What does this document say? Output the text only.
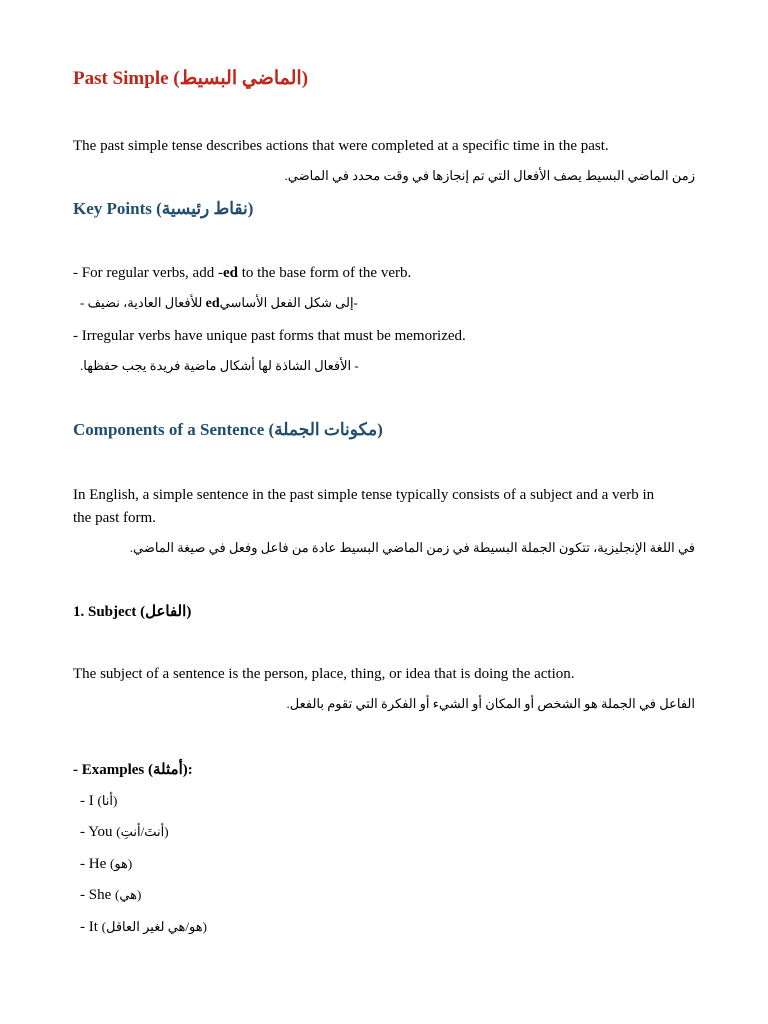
Past Simple (الماضي البسيط)
The past simple tense describes actions that were completed at a specific time in the past.
زمن الماضي البسيط يصف الأفعال التي تم إنجازها في وقت محدد في الماضي.
Key Points (نقاط رئيسية)
- For regular verbs, add -ed to the base form of the verb.
- للأفعال العادية، نضيف ed-إلى شكل الفعل الأساسي
- Irregular verbs have unique past forms that must be memorized.
- الأفعال الشاذة لها أشكال ماضية فريدة يجب حفظها.
Components of a Sentence (مكونات الجملة)
In English, a simple sentence in the past simple tense typically consists of a subject and a verb in
the past form.
في اللغة الإنجليزية، تتكون الجملة البسيطة في زمن الماضي البسيط عادة من فاعل وفعل في صيغة الماضي.
1. Subject (الفاعل)
The subject of a sentence is the person, place, thing, or idea that is doing the action.
الفاعل في الجملة هو الشخص أو المكان أو الشيء أو الفكرة التي تقوم بالفعل.
- Examples (أمثلة):
- I (أنا)
- You (أنتَ/أنتِ)
- He (هو)
- She (هي)
- It (هو/هي لغير العاقل)
